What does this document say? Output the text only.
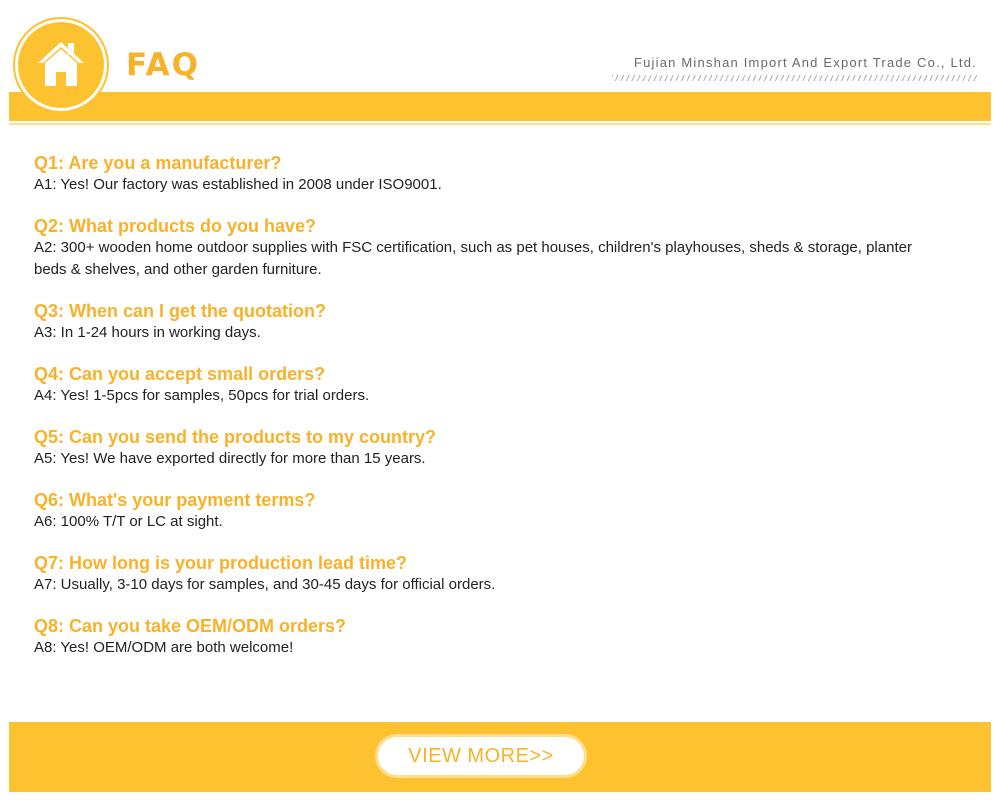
FAQ	Fujian Minshan Import And Export Trade Co., Ltd.
Q1: Are you a manufacturer?
A1: Yes! Our factory was established in 2008 under ISO9001.
Q2: What products do you have?
A2: 300+ wooden home outdoor supplies with FSC certification, such as pet houses, children's playhouses, sheds & storage, planter beds & shelves, and other garden furniture.
Q3: When can I get the quotation?
A3: In 1-24 hours in working days.
Q4: Can you accept small orders?
A4: Yes! 1-5pcs for samples, 50pcs for trial orders.
Q5: Can you send the products to my country?
A5: Yes! We have exported directly for more than 15 years.
Q6: What's your payment terms?
A6: 100% T/T or LC at sight.
Q7: How long is your production lead time?
A7: Usually, 3-10 days for samples, and 30-45 days for official orders.
Q8: Can you take OEM/ODM orders?
A8: Yes! OEM/ODM are both welcome!
VIEW MORE>>
